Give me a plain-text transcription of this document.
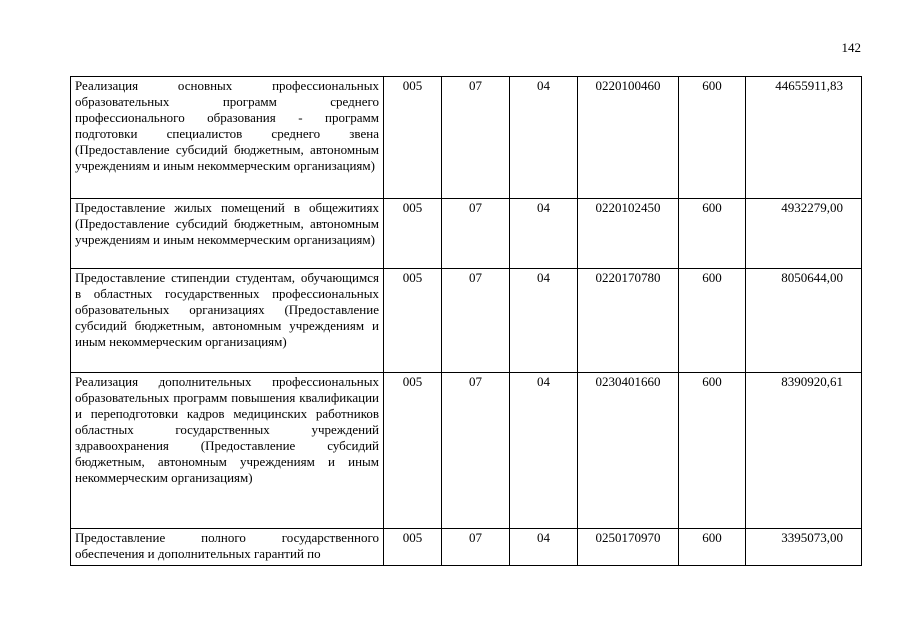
142
Реализация основных профессиональных образовательных программ среднего профессионального образования - программ подготовки специалистов среднего звена (Предоставление субсидий бюджетным, автономным учреждениям и иным некоммерческим организациям)	005	07	04	0220100460	600	44655911,83
Предоставление жилых помещений в общежитиях (Предоставление субсидий бюджетным, автономным учреждениям и иным некоммерческим организациям)	005	07	04	0220102450	600	4932279,00
Предоставление стипендии студентам, обучающимся в областных государственных профессиональных образовательных организациях (Предоставление субсидий бюджетным, автономным учреждениям и иным некоммерческим организациям)	005	07	04	0220170780	600	8050644,00
Реализация дополнительных профессиональных образовательных программ повышения квалификации и переподготовки кадров медицинских работников областных государственных учреждений здравоохранения (Предоставление субсидий бюджетным, автономным учреждениям и иным некоммерческим организациям)	005	07	04	0230401660	600	8390920,61
Предоставление полного государственного обеспечения и дополнительных гарантий по	005	07	04	0250170970	600	3395073,00
